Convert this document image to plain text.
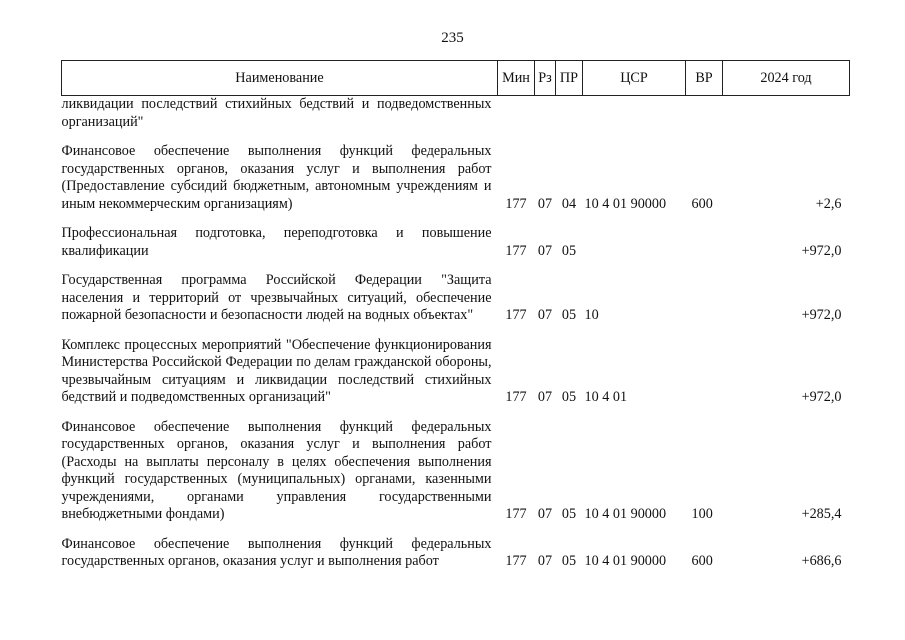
235
Наименование	Мин	Рз	ПР	ЦСР	ВР	2024 год
ликвидации последствий стихийных бедствий и подведомственных организаций"						

Финансовое обеспечение выполнения функций федеральных государственных органов, оказания услуг и выполнения работ (Предоставление субсидий бюджетным, автономным учреждениям и иным некоммерческим организациям)	177	07	04	10 4 01 90000	600	+2,6

Профессиональная подготовка, переподготовка и повышение квалификации	177	07	05			+972,0

Государственная программа Российской Федерации "Защита населения и территорий от чрезвычайных ситуаций, обеспечение пожарной безопасности и безопасности людей на водных объектах"	177	07	05	10		+972,0

Комплекс процессных мероприятий "Обеспечение функционирования Министерства Российской Федерации по делам гражданской обороны, чрезвычайным ситуациям и ликвидации последствий стихийных бедствий и подведомственных организаций"	177	07	05	10 4 01		+972,0

Финансовое обеспечение выполнения функций федеральных государственных органов, оказания услуг и выполнения работ (Расходы на выплаты персоналу в целях обеспечения выполнения функций государственных (муниципальных) органами, казенными учреждениями, органами управления государственными внебюджетными фондами)	177	07	05	10 4 01 90000	100	+285,4

Финансовое обеспечение выполнения функций федеральных государственных органов, оказания услуг и выполнения работ	177	07	05	10 4 01 90000	600	+686,6
